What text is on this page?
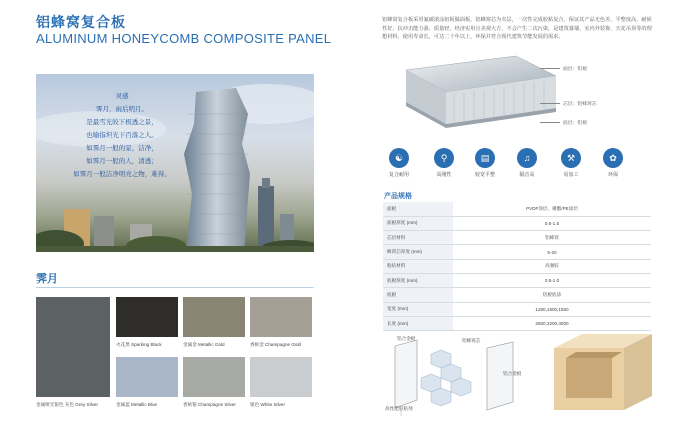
铝蜂窝复合板
ALUMINUM HONEYCOMB COMPOSITE PANEL
灵感
霁月，雨后明月。
是最雪光皎下极透之景，
也喻指坦光下百落之人。
如霁月一般的景，洁净，
如霁月一般的人，清透；
如霁月一般洁净明亮之物，难得。
霁月
火花黑 Sparking Black	金属金 Metallic Gold	香槟金 Champagne Gold
金属哑光银色 灰色 Grey Silver	金属蓝 Metallic Blue	香槟银 Champagne Silver	银色 White Silver
铝蜂窝复合板采用氟碳滚涂铝板做面板，铝蜂窝芯为夹层，一次性完成胶粘复合，保证其产品无色差、平整度高、耐候性好、抗冲击能力强、质量轻，经济实用且美观大方，不会产生二次污染，是建筑幕墙、室内外装饰、天花吊顶等的理想材料，使用寿命长，可达二十年以上，环保并符合现代建筑节能发展的需求。
面层：铝板
芯层：铝蜂窝芯
底层：铝板
☯
复合耐用
⚲
高刚性
▤
较宽平整
♫
隔音高
⚒
易加工
✿
环保
产品规格
面板	PVDF涂层、聚酯/PE涂层
面板厚度 (mm)	0.5-1.5
芯层材料	铝蜂窝
蜂窝芯厚度 (mm)	5-20
粘结材料	高强胶
底板厚度 (mm)	0.5-1.0
底板	铝板底涂
宽度 (mm)	1250,1500,1550
长度 (mm)	2500,3200,4000
铝合金板	铝蜂窝芯
铝合金板
高性能胶粘剂
